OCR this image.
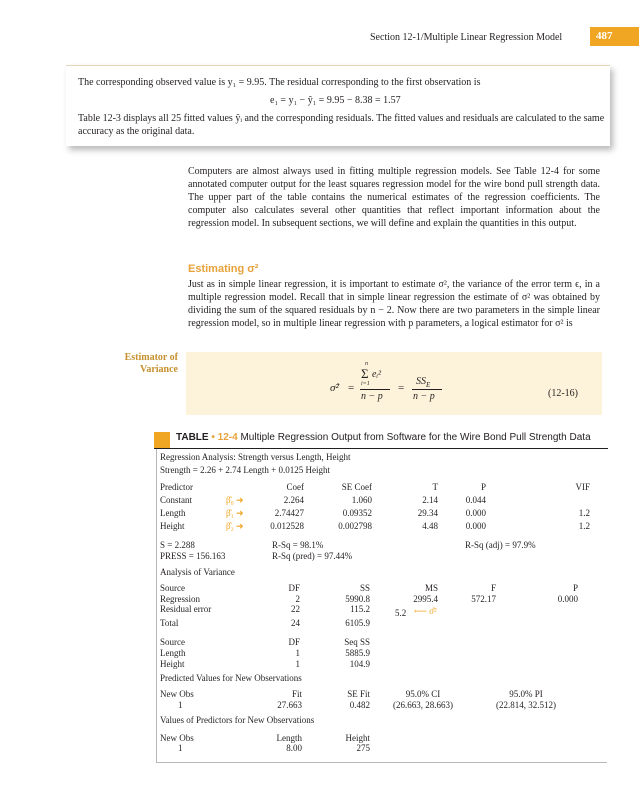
Section 12-1/Multiple Linear Regression Model	487
The corresponding observed value is y₁ = 9.95. The residual corresponding to the first observation is
e₁ = y₁ − ŷ₁ = 9.95 − 8.38 = 1.57
Table 12-3 displays all 25 fitted values ŷᵢ and the corresponding residuals. The fitted values and residuals are calculated to the same accuracy as the original data.
Computers are almost always used in fitting multiple regression models. See Table 12-4 for some annotated computer output for the least squares regression model for the wire bond pull strength data. The upper part of the table contains the numerical estimates of the regression coefficients. The computer also calculates several other quantities that reflect important information about the regression model. In subsequent sections, we will define and explain the quantities in this output.
Estimating σ²
Just as in simple linear regression, it is important to estimate σ², the variance of the error term ϵ, in a multiple regression model. Recall that in simple linear regression the estimate of σ² was obtained by dividing the sum of the squared residuals by n − 2. Now there are two parameters in the simple linear regression model, so in multiple linear regression with p parameters, a logical estimator for σ² is
Estimator of Variance
σ̂² =
n
Σ
i=1
eᵢ²
n − p
=
$SS_E$
n − p	(12-16)
TABLE • 12-4 Multiple Regression Output from Software for the Wire Bond Pull Strength Data
Regression Analysis: Strength versus Length, Height
Strength = 2.26 + 2.74 Length + 0.0125 Height
Predictor	Coef	SE Coef	T	P	VIF
Constant	β̂₀ ➜	2.264	1.060	2.14	0.044
Length	β̂₁ ➜	2.74427	0.09352	29.34	0.000	1.2
Height	β̂₂ ➜	0.012528	0.002798	4.48	0.000	1.2
S = 2.288	R-Sq = 98.1%	R-Sq (adj) = 97.9%
PRESS = 156.163	R-Sq (pred) = 97.44%
Analysis of Variance
Source	DF	SS	MS	F	P
Regression	2	5990.8	2995.4	572.17	0.000
Residual error	22	115.2	5.2 ⟵ σ̂²
Total	24	6105.9
Source	DF	Seq SS
Length	1	5885.9
Height	1	104.9
Predicted Values for New Observations
New Obs	Fit	SE Fit	95.0% CI	95.0% PI
1	27.663	0.482	(26.663, 28.663)	(22.814, 32.512)
Values of Predictors for New Observations
New Obs	Length	Height
1	8.00	275
